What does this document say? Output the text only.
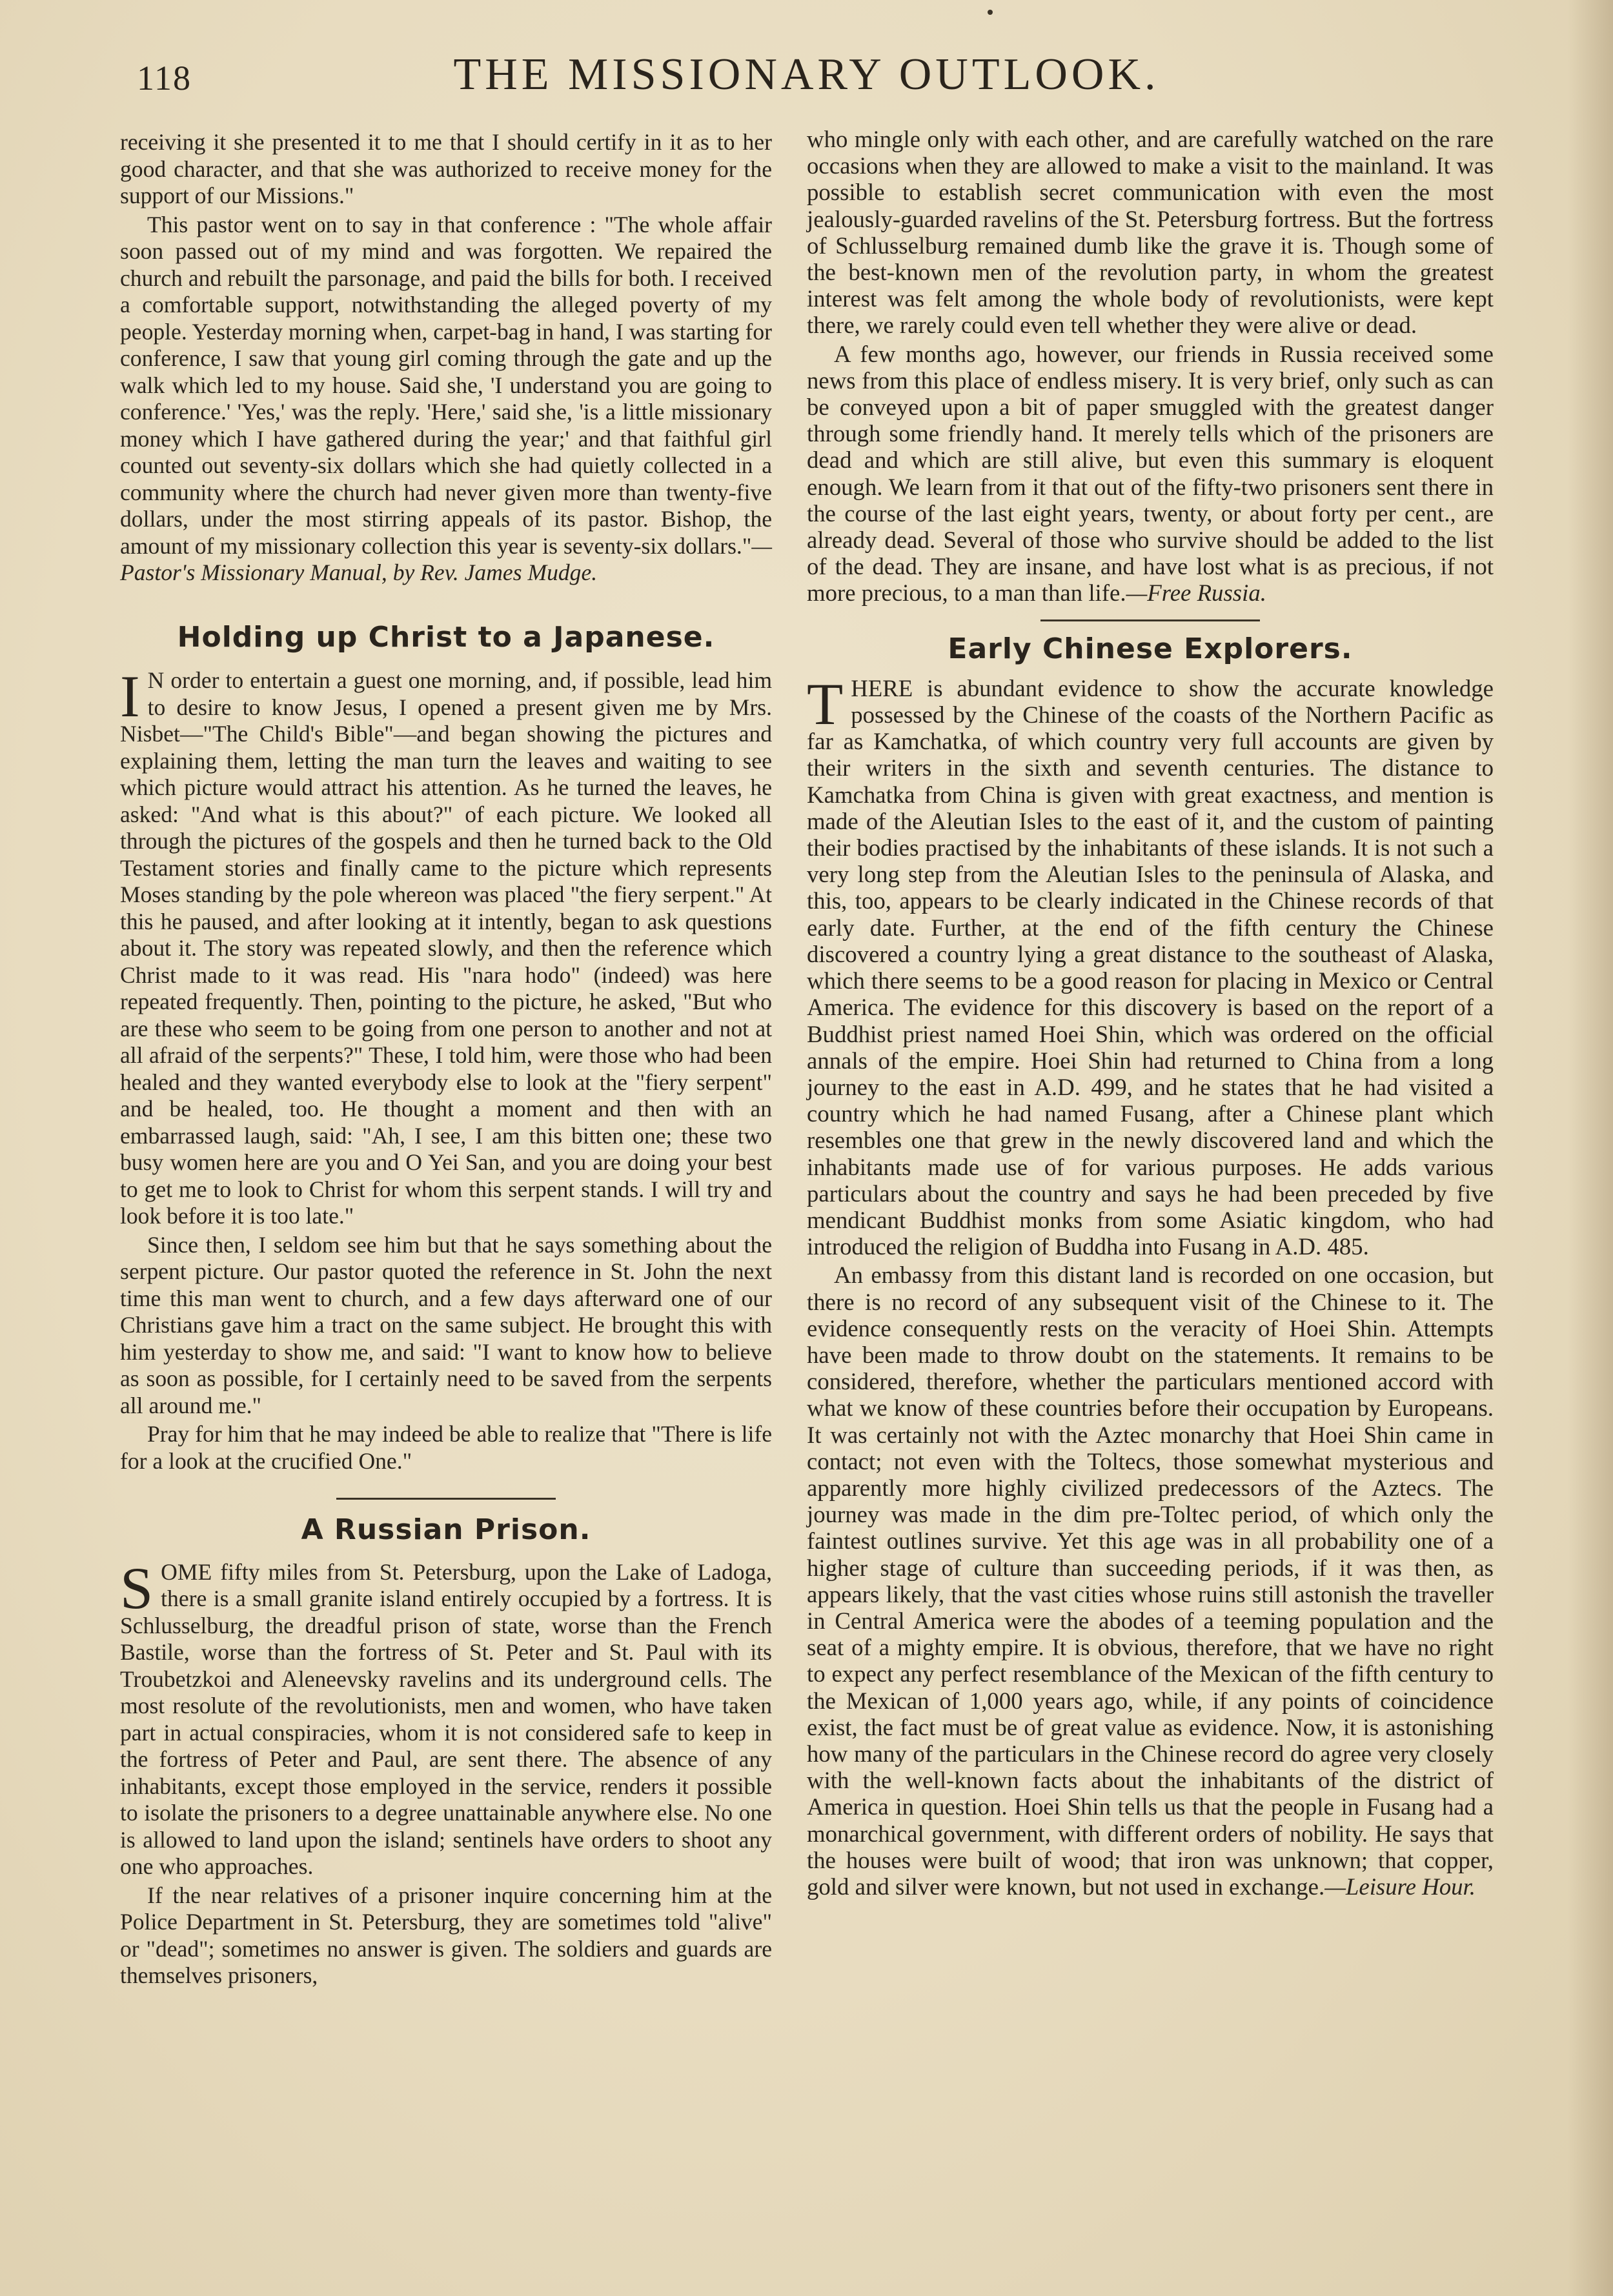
118	THE MISSIONARY OUTLOOK.

receiving it she presented it to me that I should certify in it as to her good character, and that she was authorized to receive money for the support of our Missions."

This pastor went on to say in that conference : "The whole affair soon passed out of my mind and was forgotten. We repaired the church and rebuilt the parsonage, and paid the bills for both. I received a comfortable support, notwithstanding the alleged poverty of my people. Yesterday morning when, carpet-bag in hand, I was starting for conference, I saw that young girl coming through the gate and up the walk which led to my house. Said she, 'I understand you are going to conference.' 'Yes,' was the reply. 'Here,' said she, 'is a little missionary money which I have gathered during the year;' and that faithful girl counted out seventy-six dollars which she had quietly collected in a community where the church had never given more than twenty-five dollars, under the most stirring appeals of its pastor. Bishop, the amount of my missionary collection this year is seventy-six dollars."—Pastor's Missionary Manual, by Rev. James Mudge.

Holding up Christ to a Japanese.

I N order to entertain a guest one morning, and, if possible, lead him to desire to know Jesus, I opened a present given me by Mrs. Nisbet—"The Child's Bible"—and began showing the pictures and explaining them, letting the man turn the leaves and waiting to see which picture would attract his attention. As he turned the leaves, he asked: "And what is this about?" of each picture. We looked all through the pictures of the gospels and then he turned back to the Old Testament stories and finally came to the picture which represents Moses standing by the pole whereon was placed "the fiery serpent." At this he paused, and after looking at it intently, began to ask questions about it. The story was repeated slowly, and then the reference which Christ made to it was read. His "nara hodo" (indeed) was here repeated frequently. Then, pointing to the picture, he asked, "But who are these who seem to be going from one person to another and not at all afraid of the serpents?" These, I told him, were those who had been healed and they wanted everybody else to look at the "fiery serpent" and be healed, too. He thought a moment and then with an embarrassed laugh, said: "Ah, I see, I am this bitten one; these two busy women here are you and O Yei San, and you are doing your best to get me to look to Christ for whom this serpent stands. I will try and look before it is too late."

Since then, I seldom see him but that he says something about the serpent picture. Our pastor quoted the reference in St. John the next time this man went to church, and a few days afterward one of our Christians gave him a tract on the same subject. He brought this with him yesterday to show me, and said: "I want to know how to believe as soon as possible, for I certainly need to be saved from the serpents all around me."

Pray for him that he may indeed be able to realize that "There is life for a look at the crucified One."

A Russian Prison.

SOME fifty miles from St. Petersburg, upon the Lake of Ladoga, there is a small granite island entirely occupied by a fortress. It is Schlusselburg, the dreadful prison of state, worse than the French Bastile, worse than the fortress of St. Peter and St. Paul with its Troubetzkoi and Aleneevsky ravelins and its underground cells. The most resolute of the revolutionists, men and women, who have taken part in actual conspiracies, whom it is not considered safe to keep in the fortress of Peter and Paul, are sent there. The absence of any inhabitants, except those employed in the service, renders it possible to isolate the prisoners to a degree unattainable anywhere else. No one is allowed to land upon the island; sentinels have orders to shoot any one who approaches.

If the near relatives of a prisoner inquire concerning him at the Police Department in St. Petersburg, they are sometimes told "alive" or "dead"; sometimes no answer is given. The soldiers and guards are themselves prisoners,

who mingle only with each other, and are carefully watched on the rare occasions when they are allowed to make a visit to the mainland. It was possible to establish secret communication with even the most jealously-guarded ravelins of the St. Petersburg fortress. But the fortress of Schlusselburg remained dumb like the grave it is. Though some of the best-known men of the revolution party, in whom the greatest interest was felt among the whole body of revolutionists, were kept there, we rarely could even tell whether they were alive or dead.

A few months ago, however, our friends in Russia received some news from this place of endless misery. It is very brief, only such as can be conveyed upon a bit of paper smuggled with the greatest danger through some friendly hand. It merely tells which of the prisoners are dead and which are still alive, but even this summary is eloquent enough. We learn from it that out of the fifty-two prisoners sent there in the course of the last eight years, twenty, or about forty per cent., are already dead. Several of those who survive should be added to the list of the dead. They are insane, and have lost what is as precious, if not more precious, to a man than life.—Free Russia.

Early Chinese Explorers.

THERE is abundant evidence to show the accurate knowledge possessed by the Chinese of the coasts of the Northern Pacific as far as Kamchatka, of which country very full accounts are given by their writers in the sixth and seventh centuries. The distance to Kamchatka from China is given with great exactness, and mention is made of the Aleutian Isles to the east of it, and the custom of painting their bodies practised by the inhabitants of these islands. It is not such a very long step from the Aleutian Isles to the peninsula of Alaska, and this, too, appears to be clearly indicated in the Chinese records of that early date. Further, at the end of the fifth century the Chinese discovered a country lying a great distance to the southeast of Alaska, which there seems to be a good reason for placing in Mexico or Central America. The evidence for this discovery is based on the report of a Buddhist priest named Hoei Shin, which was ordered on the official annals of the empire. Hoei Shin had returned to China from a long journey to the east in A.D. 499, and he states that he had visited a country which he had named Fusang, after a Chinese plant which resembles one that grew in the newly discovered land and which the inhabitants made use of for various purposes. He adds various particulars about the country and says he had been preceded by five mendicant Buddhist monks from some Asiatic kingdom, who had introduced the religion of Buddha into Fusang in A.D. 485.

An embassy from this distant land is recorded on one occasion, but there is no record of any subsequent visit of the Chinese to it. The evidence consequently rests on the veracity of Hoei Shin. Attempts have been made to throw doubt on the statements. It remains to be considered, therefore, whether the particulars mentioned accord with what we know of these countries before their occupation by Europeans. It was certainly not with the Aztec monarchy that Hoei Shin came in contact; not even with the Toltecs, those somewhat mysterious and apparently more highly civilized predecessors of the Aztecs. The journey was made in the dim pre-Toltec period, of which only the faintest outlines survive. Yet this age was in all probability one of a higher stage of culture than succeeding periods, if it was then, as appears likely, that the vast cities whose ruins still astonish the traveller in Central America were the abodes of a teeming population and the seat of a mighty empire. It is obvious, therefore, that we have no right to expect any perfect resemblance of the Mexican of the fifth century to the Mexican of 1,000 years ago, while, if any points of coincidence exist, the fact must be of great value as evidence. Now, it is astonishing how many of the particulars in the Chinese record do agree very closely with the well-known facts about the inhabitants of the district of America in question. Hoei Shin tells us that the people in Fusang had a monarchical government, with different orders of nobility. He says that the houses were built of wood; that iron was unknown; that copper, gold and silver were known, but not used in exchange.—Leisure Hour.
